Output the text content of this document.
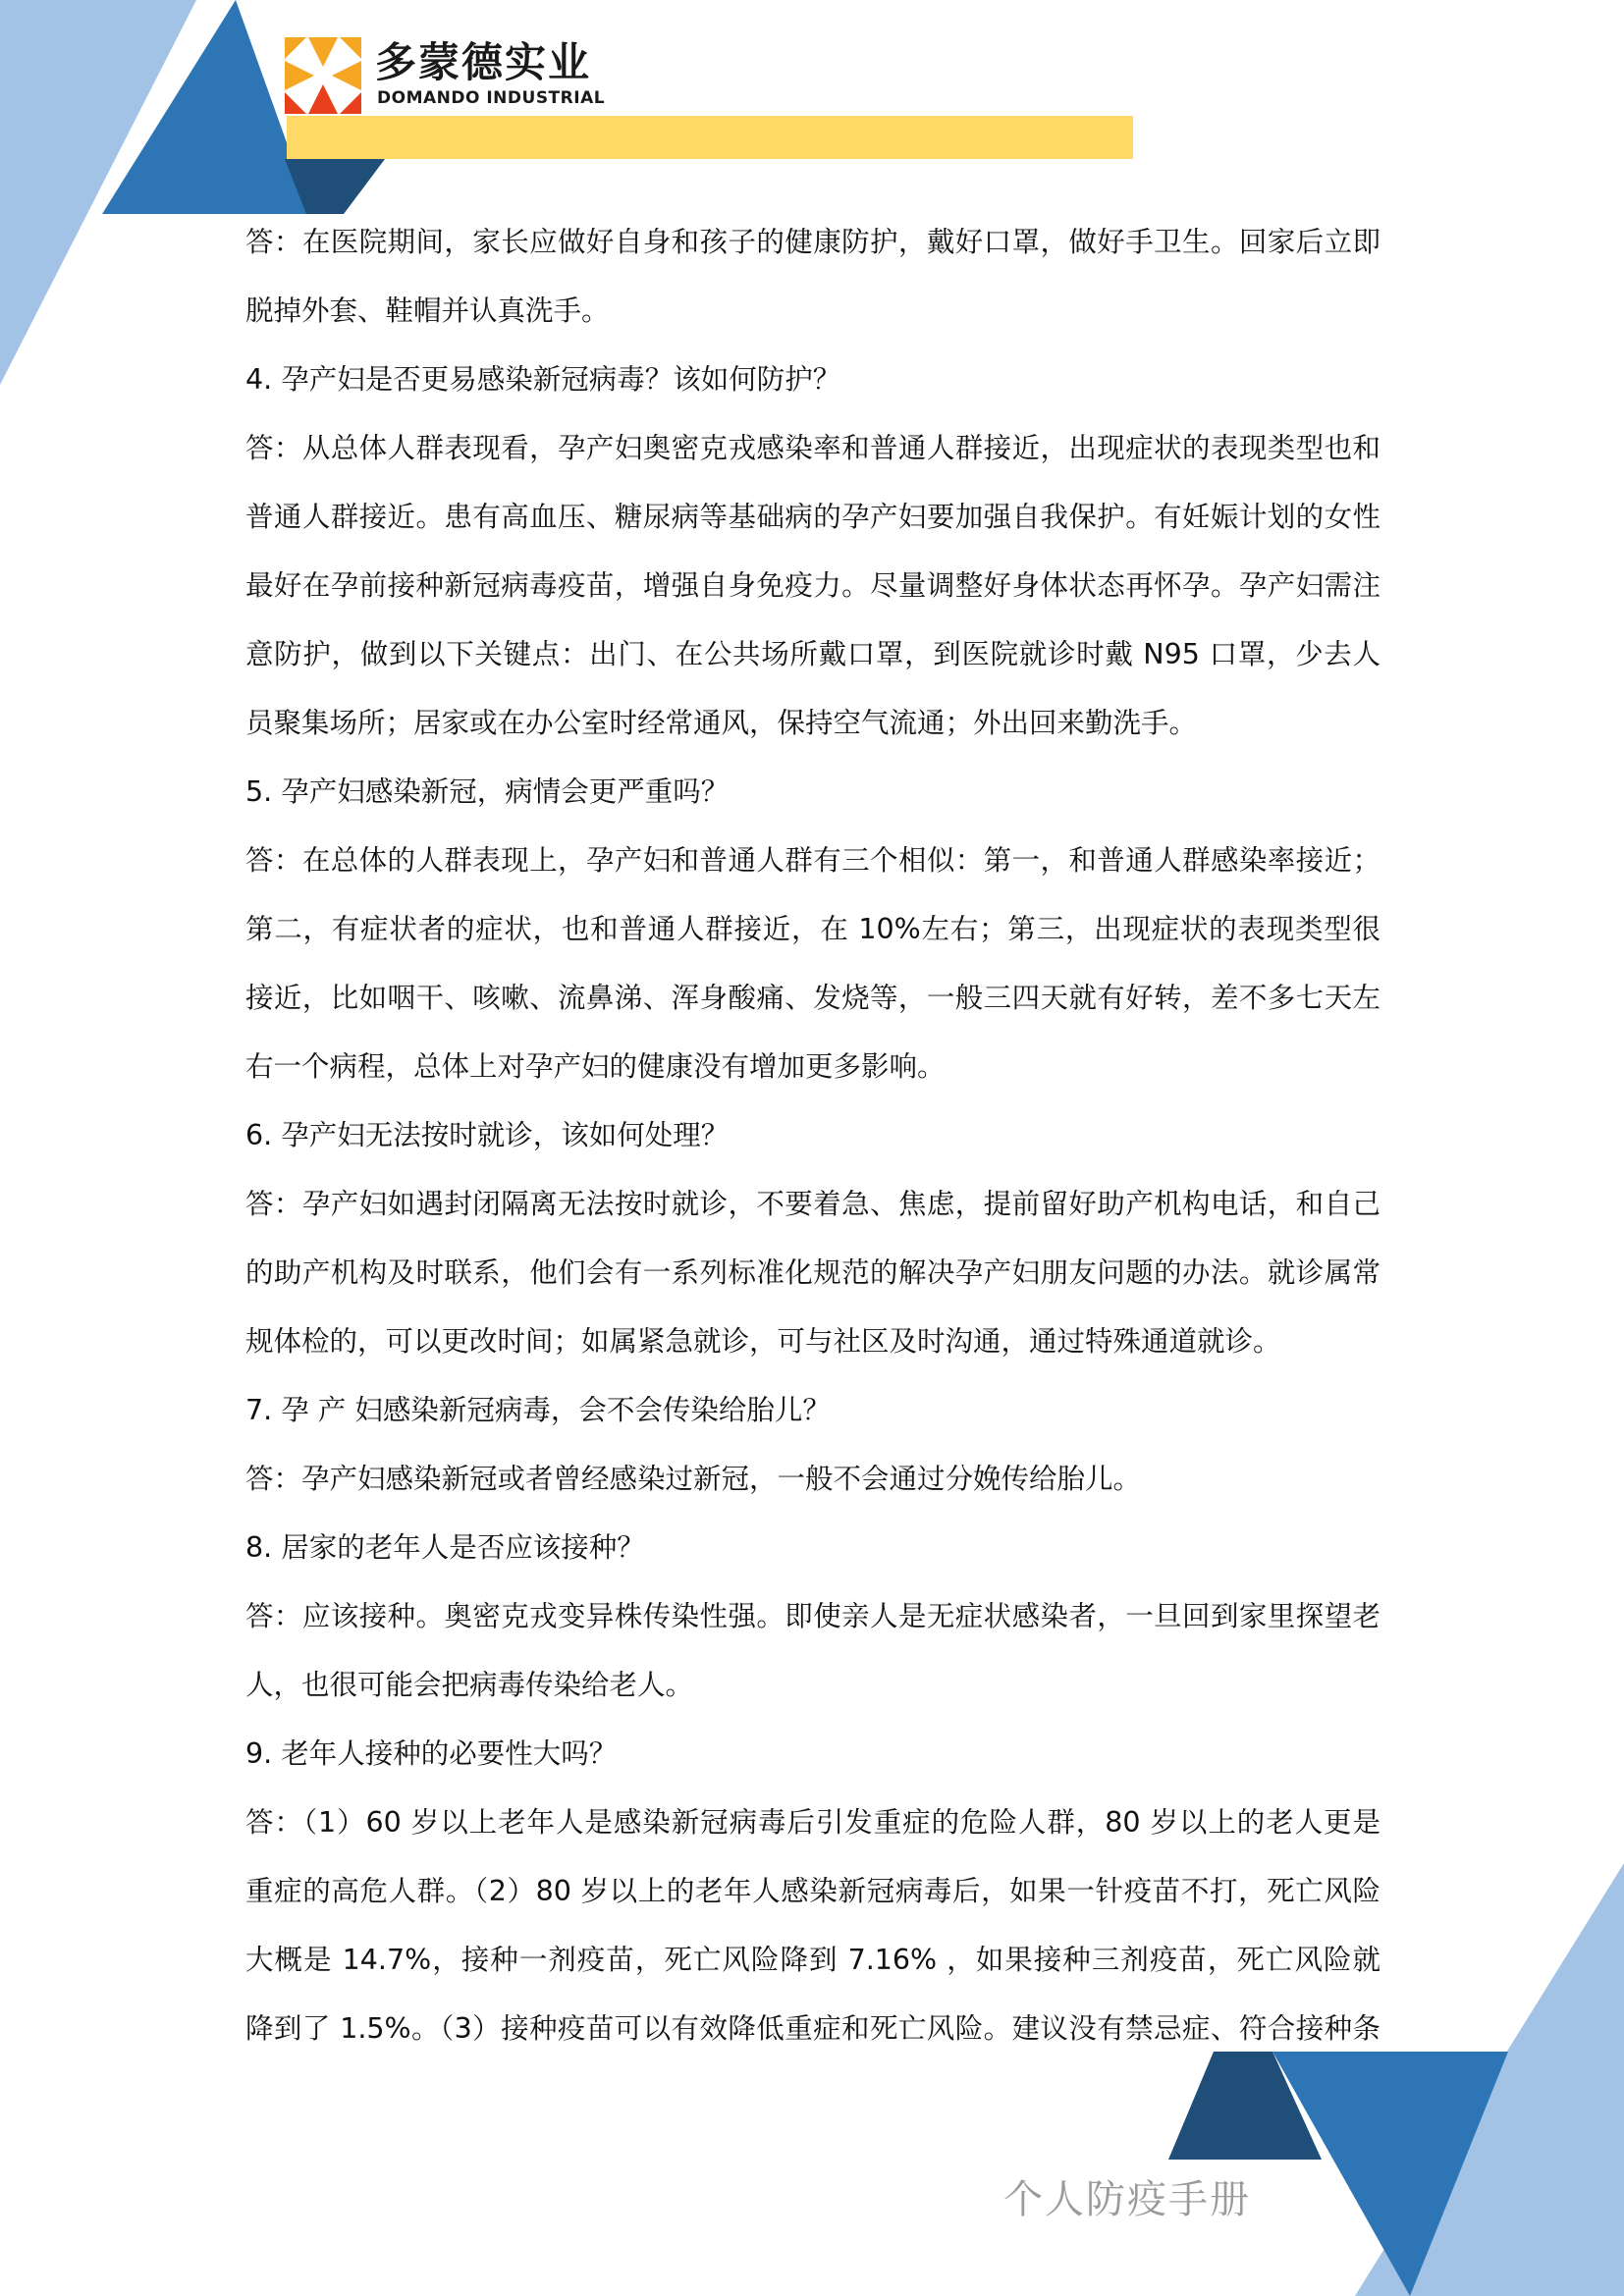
多蒙德实业
DOMANDO INDUSTRIAL
答：在医院期间，家长应做好自身和孩子的健康防护，戴好口罩，做好手卫生。回家后立即
脱掉外套、鞋帽并认真洗手。
4. 孕产妇是否更易感染新冠病毒？该如何防护？
答：从总体人群表现看，孕产妇奥密克戎感染率和普通人群接近，出现症状的表现类型也和
普通人群接近。患有高血压、糖尿病等基础病的孕产妇要加强自我保护。有妊娠计划的女性
最好在孕前接种新冠病毒疫苗，增强自身免疫力。尽量调整好身体状态再怀孕。孕产妇需注
意防护，做到以下关键点：出门、在公共场所戴口罩，到医院就诊时戴 N95 口罩，少去人
员聚集场所；居家或在办公室时经常通风，保持空气流通；外出回来勤洗手。
5. 孕产妇感染新冠，病情会更严重吗？
答：在总体的人群表现上，孕产妇和普通人群有三个相似：第一，和普通人群感染率接近；
第二，有症状者的症状，也和普通人群接近，在 10%左右；第三，出现症状的表现类型很
接近，比如咽干、咳嗽、流鼻涕、浑身酸痛、发烧等，一般三四天就有好转，差不多七天左
右一个病程，总体上对孕产妇的健康没有增加更多影响。
6. 孕产妇无法按时就诊，该如何处理？
答：孕产妇如遇封闭隔离无法按时就诊，不要着急、焦虑，提前留好助产机构电话，和自己
的助产机构及时联系，他们会有一系列标准化规范的解决孕产妇朋友问题的办法。就诊属常
规体检的，可以更改时间；如属紧急就诊，可与社区及时沟通，通过特殊通道就诊。
7. 孕 产 妇感染新冠病毒，会不会传染给胎儿？
答：孕产妇感染新冠或者曾经感染过新冠，一般不会通过分娩传给胎儿。
8. 居家的老年人是否应该接种？
答：应该接种。奥密克戎变异株传染性强。即使亲人是无症状感染者，一旦回到家里探望老
人，也很可能会把病毒传染给老人。
9. 老年人接种的必要性大吗？
答：（1）60 岁以上老年人是感染新冠病毒后引发重症的危险人群，80 岁以上的老人更是
重症的高危人群。（2）80 岁以上的老年人感染新冠病毒后，如果一针疫苗不打，死亡风险
大概是 14.7%，接种一剂疫苗，死亡风险降到 7.16% ，如果接种三剂疫苗，死亡风险就
降到了 1.5%。（3）接种疫苗可以有效降低重症和死亡风险。建议没有禁忌症、符合接种条
个人防疫手册
